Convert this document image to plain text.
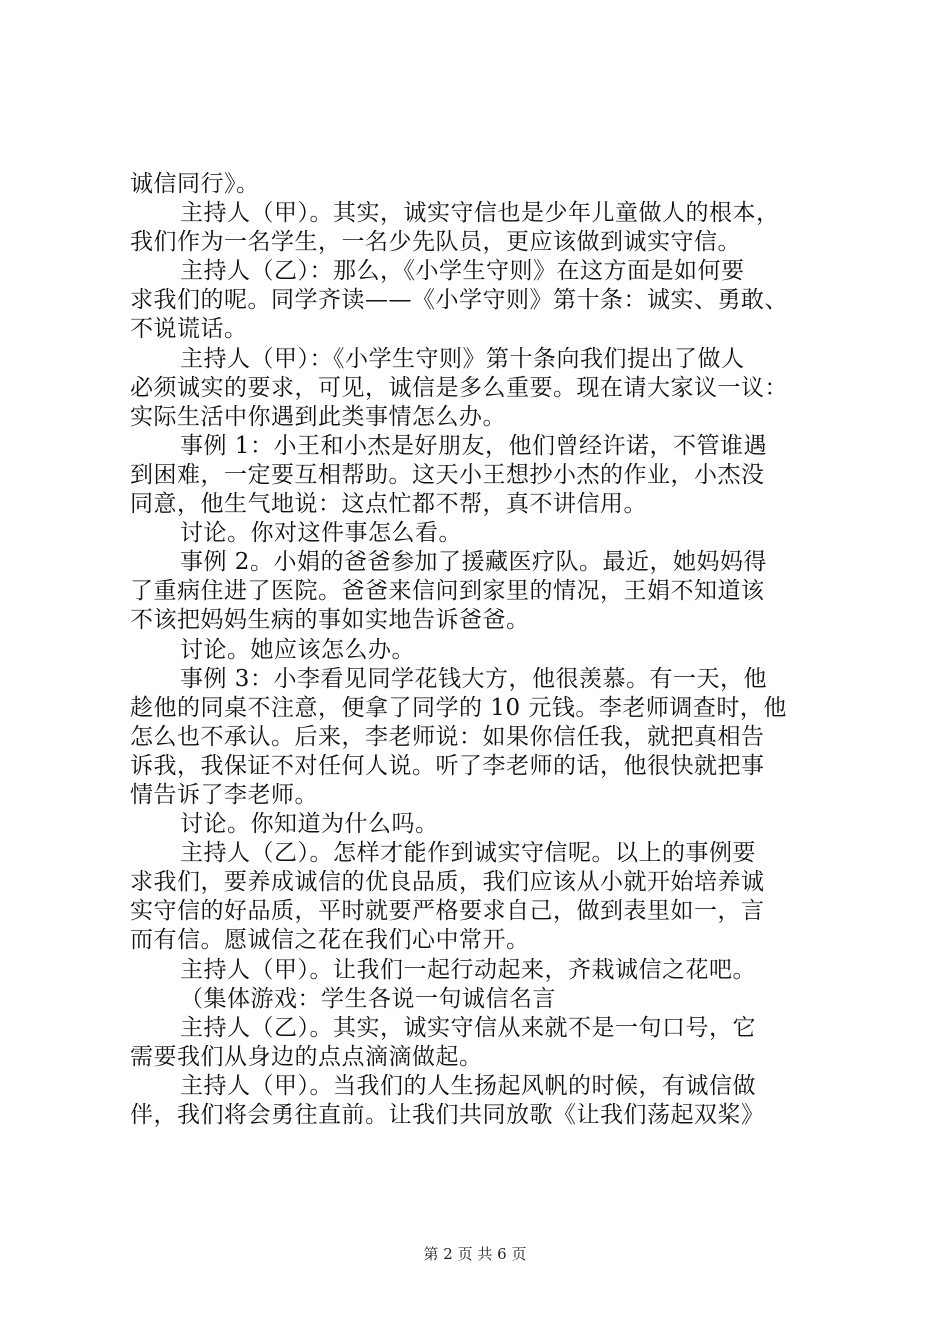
诚信同行》。
主持人（甲）。其实，诚实守信也是少年儿童做人的根本，
我们作为一名学生，一名少先队员，更应该做到诚实守信。
主持人（乙）：那么，《小学生守则》在这方面是如何要
求我们的呢。同学齐读——《小学守则》第十条：诚实、勇敢、
不说谎话。
主持人（甲）：《小学生守则》第十条向我们提出了做人
必须诚实的要求，可见，诚信是多么重要。现在请大家议一议：
实际生活中你遇到此类事情怎么办。
事例 1：小王和小杰是好朋友，他们曾经许诺，不管谁遇
到困难，一定要互相帮助。这天小王想抄小杰的作业，小杰没
同意，他生气地说：这点忙都不帮，真不讲信用。
讨论。你对这件事怎么看。
事例 2。小娟的爸爸参加了援藏医疗队。最近，她妈妈得
了重病住进了医院。爸爸来信问到家里的情况，王娟不知道该
不该把妈妈生病的事如实地告诉爸爸。
讨论。她应该怎么办。
事例 3：小李看见同学花钱大方，他很羡慕。有一天，他
趁他的同桌不注意，便拿了同学的 10 元钱。李老师调查时，他
怎么也不承认。后来，李老师说：如果你信任我，就把真相告
诉我，我保证不对任何人说。听了李老师的话，他很快就把事
情告诉了李老师。
讨论。你知道为什么吗。
主持人（乙）。怎样才能作到诚实守信呢。以上的事例要
求我们，要养成诚信的优良品质，我们应该从小就开始培养诚
实守信的好品质，平时就要严格要求自己，做到表里如一，言
而有信。愿诚信之花在我们心中常开。
主持人（甲）。让我们一起行动起来，齐栽诚信之花吧。
（集体游戏：学生各说一句诚信名言
主持人（乙）。其实，诚实守信从来就不是一句口号，它
需要我们从身边的点点滴滴做起。
主持人（甲）。当我们的人生扬起风帆的时候，有诚信做
伴，我们将会勇往直前。让我们共同放歌《让我们荡起双桨》
第 2 页 共 6 页
